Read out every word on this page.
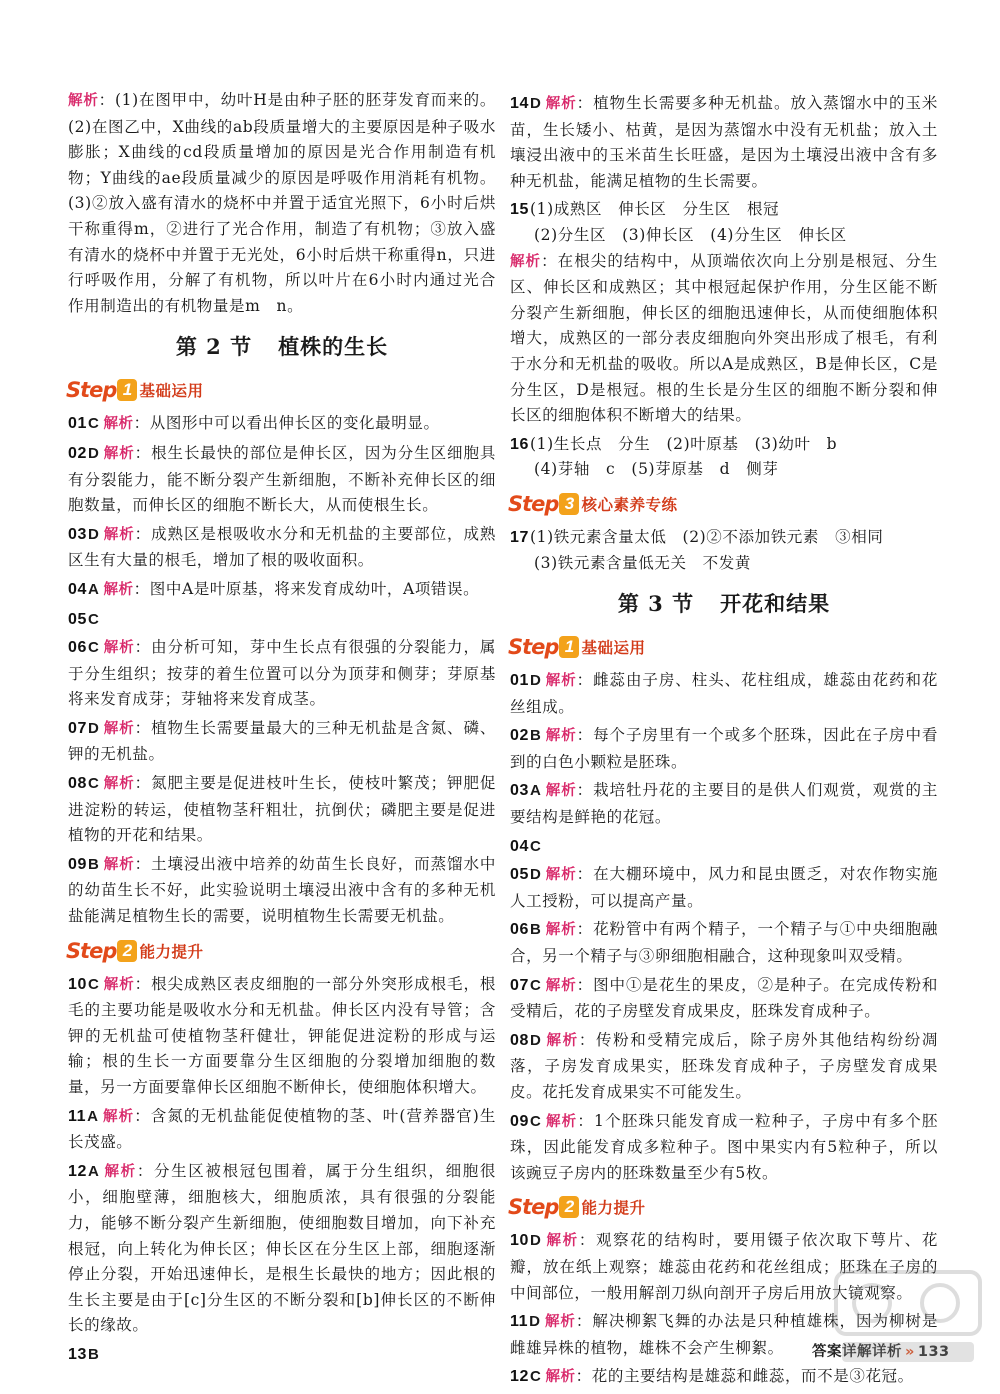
解析：(1)在图甲中，幼叶H是由种子胚的胚芽发育而来的。(2)在图乙中，X曲线的ab段质量增大的主要原因是种子吸水膨胀；X曲线的cd段质量增加的原因是光合作用制造有机物；Y曲线的ae段质量减少的原因是呼吸作用消耗有机物。(3)②放入盛有清水的烧杯中并置于适宜光照下，6小时后烘干称重得m，②进行了光合作用，制造了有机物；③放入盛有清水的烧杯中并置于无光处，6小时后烘干称重得n，只进行呼吸作用，分解了有机物，所以叶片在6小时内通过光合作用制造出的有机物量是m　n。
第 2 节 植株的生长
Step 1 基础运用
01C 解析：从图形中可以看出伸长区的变化最明显。
02D 解析：根生长最快的部位是伸长区，因为分生区细胞具有分裂能力，能不断分裂产生新细胞，不断补充伸长区的细胞数量，而伸长区的细胞不断长大，从而使根生长。
03D 解析：成熟区是根吸收水分和无机盐的主要部位，成熟区生有大量的根毛，增加了根的吸收面积。
04A 解析：图中A是叶原基，将来发育成幼叶，A项错误。
05C
06C 解析：由分析可知，芽中生长点有很强的分裂能力，属于分生组织；按芽的着生位置可以分为顶芽和侧芽；芽原基将来发育成芽；芽轴将来发育成茎。
07D 解析：植物生长需要量最大的三种无机盐是含氮、磷、钾的无机盐。
08C 解析：氮肥主要是促进枝叶生长，使枝叶繁茂；钾肥促进淀粉的转运，使植物茎秆粗壮，抗倒伏；磷肥主要是促进植物的开花和结果。
09B 解析：土壤浸出液中培养的幼苗生长良好，而蒸馏水中的幼苗生长不好，此实验说明土壤浸出液中含有的多种无机盐能满足植物生长的需要，说明植物生长需要无机盐。
Step 2 能力提升
10C 解析：根尖成熟区表皮细胞的一部分外突形成根毛，根毛的主要功能是吸收水分和无机盐。伸长区内没有导管；含钾的无机盐可使植物茎秆健壮，钾能促进淀粉的形成与运输；根的生长一方面要靠分生区细胞的分裂增加细胞的数量，另一方面要靠伸长区细胞不断伸长，使细胞体积增大。
11A 解析：含氮的无机盐能促使植物的茎、叶(营养器官)生长茂盛。
12A 解析：分生区被根冠包围着，属于分生组织，细胞很小，细胞壁薄，细胞核大，细胞质浓，具有很强的分裂能力，能够不断分裂产生新细胞，使细胞数目增加，向下补充根冠，向上转化为伸长区；伸长区在分生区上部，细胞逐渐停止分裂，开始迅速伸长，是根生长最快的地方；因此根的生长主要是由于[c]分生区的不断分裂和[b]伸长区的不断伸长的缘故。
13B
14D 解析：植物生长需要多种无机盐。放入蒸馏水中的玉米苗，生长矮小、枯黄，是因为蒸馏水中没有无机盐；放入土壤浸出液中的玉米苗生长旺盛，是因为土壤浸出液中含有多种无机盐，能满足植物的生长需要。
15(1)成熟区　伸长区　分生区　根冠
(2)分生区　(3)伸长区　(4)分生区　伸长区
解析：在根尖的结构中，从顶端依次向上分别是根冠、分生区、伸长区和成熟区；其中根冠起保护作用，分生区能不断分裂产生新细胞，伸长区的细胞迅速伸长，从而使细胞体积增大，成熟区的一部分表皮细胞向外突出形成了根毛，有利于水分和无机盐的吸收。所以A是成熟区，B是伸长区，C是分生区，D是根冠。根的生长是分生区的细胞不断分裂和伸长区的细胞体积不断增大的结果。
16(1)生长点　分生　(2)叶原基　(3)幼叶　b
(4)芽轴　c　(5)芽原基　d　侧芽
Step 3 核心素养专练
17(1)铁元素含量太低　(2)②不添加铁元素　③相同
(3)铁元素含量低无关　不发黄
第 3 节 开花和结果
Step 1 基础运用
01D 解析：雌蕊由子房、柱头、花柱组成，雄蕊由花药和花丝组成。
02B 解析：每个子房里有一个或多个胚珠，因此在子房中看到的白色小颗粒是胚珠。
03A 解析：栽培牡丹花的主要目的是供人们观赏，观赏的主要结构是鲜艳的花冠。
04C
05D 解析：在大棚环境中，风力和昆虫匮乏，对农作物实施人工授粉，可以提高产量。
06B 解析：花粉管中有两个精子，一个精子与①中央细胞融合，另一个精子与③卵细胞相融合，这种现象叫双受精。
07C 解析：图中①是花生的果皮，②是种子。在完成传粉和受精后，花的子房壁发育成果皮，胚珠发育成种子。
08D 解析：传粉和受精完成后，除子房外其他结构纷纷凋落，子房发育成果实，胚珠发育成种子，子房壁发育成果皮。花托发育成果实不可能发生。
09C 解析：1个胚珠只能发育成一粒种子，子房中有多个胚珠，因此能发育成多粒种子。图中果实内有5粒种子，所以该豌豆子房内的胚珠数量至少有5枚。
Step 2 能力提升
10D 解析：观察花的结构时，要用镊子依次取下萼片、花瓣，放在纸上观察；雄蕊由花药和花丝组成；胚珠在子房的中间部位，一般用解剖刀纵向剖开子房后用放大镜观察。
11D 解析：解决柳絮飞舞的办法是只种植雄株，因为柳树是雌雄异株的植物，雄株不会产生柳絮。
12C 解析：花的主要结构是雄蕊和雌蕊，而不是③花冠。
答案详解详析 » 133
